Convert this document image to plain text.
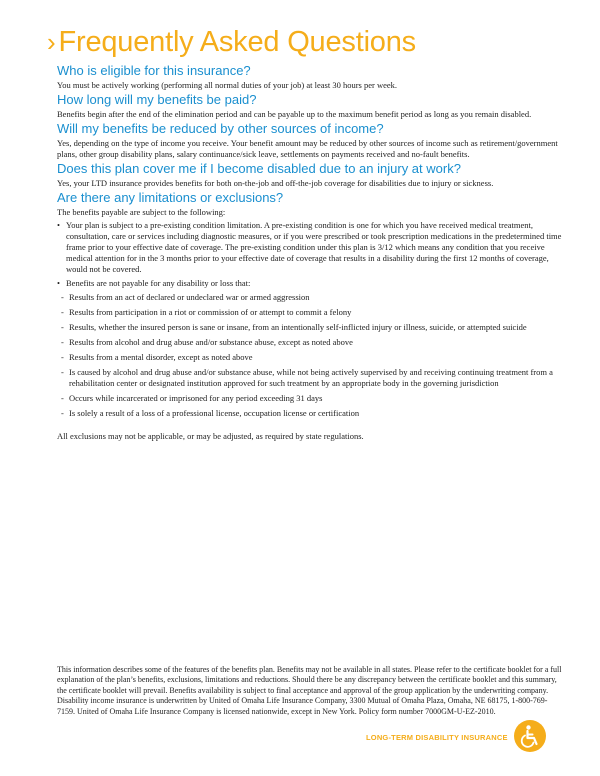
› Frequently Asked Questions

Who is eligible for this insurance?

You must be actively working (performing all normal duties of your job) at least 30 hours per week.

How long will my benefits be paid?

Benefits begin after the end of the elimination period and can be payable up to the maximum benefit period as long as you remain disabled.

Will my benefits be reduced by other sources of income?

Yes, depending on the type of income you receive. Your benefit amount may be reduced by other sources of income such as retirement/government plans, other group disability plans, salary continuance/sick leave, settlements on payments received and no-fault benefits.

Does this plan cover me if I become disabled due to an injury at work?

Yes, your LTD insurance provides benefits for both on-the-job and off-the-job coverage for disabilities due to injury or sickness.

Are there any limitations or exclusions?

The benefits payable are subject to the following:

• Your plan is subject to a pre-existing condition limitation. A pre-existing condition is one for which you have received medical treatment, consultation, care or services including diagnostic measures, or if you were prescribed or took prescription medications in the predetermined time frame prior to your effective date of coverage. The pre-existing condition under this plan is 3/12 which means any condition that you receive medical attention for in the 3 months prior to your effective date of coverage that results in a disability during the first 12 months of coverage, would not be covered.
• Benefits are not payable for any disability or loss that:
- Results from an act of declared or undeclared war or armed aggression
- Results from participation in a riot or commission of or attempt to commit a felony
- Results, whether the insured person is sane or insane, from an intentionally self-inflicted injury or illness, suicide, or attempted suicide
- Results from alcohol and drug abuse and/or substance abuse, except as noted above
- Results from a mental disorder, except as noted above
- Is caused by alcohol and drug abuse and/or substance abuse, while not being actively supervised by and receiving continuing treatment from a rehabilitation center or designated institution approved for such treatment by an appropriate body in the governing jurisdiction
- Occurs while incarcerated or imprisoned for any period exceeding 31 days
- Is solely a result of a loss of a professional license, occupation license or certification

All exclusions may not be applicable, or may be adjusted, as required by state regulations.

This information describes some of the features of the benefits plan. Benefits may not be available in all states. Please refer to the certificate booklet for a full explanation of the plan’s benefits, exclusions, limitations and reductions. Should there be any discrepancy between the certificate booklet and this summary, the certificate booklet will prevail. Benefits availability is subject to final acceptance and approval of the group application by the underwriting company. Disability income insurance is underwritten by United of Omaha Life Insurance Company, 3300 Mutual of Omaha Plaza, Omaha, NE 68175, 1-800-769-7159. United of Omaha Life Insurance Company is licensed nationwide, except in New York. Policy form number 7000GM-U-EZ-2010.

LONG-TERM DISABILITY INSURANCE
